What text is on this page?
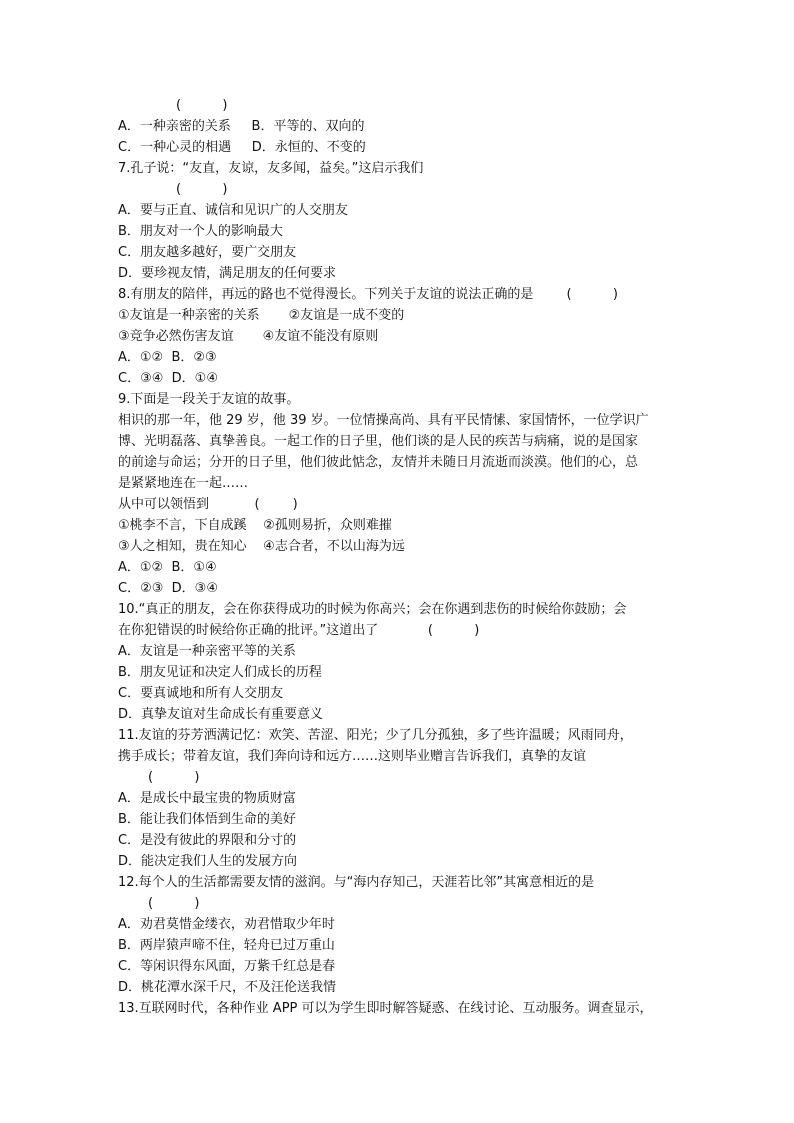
(          )
A．一种亲密的关系     B．平等的、双向的
C．一种心灵的相遇     D．永恒的、不变的
7.孔子说：“友直，友谅，友多闻，益矣。”这启示我们
(          )
A．要与正直、诚信和见识广的人交朋友
B．朋友对一个人的影响最大
C．朋友越多越好，要广交朋友
D．要珍视友情，满足朋友的任何要求
8.有朋友的陪伴，再远的路也不觉得漫长。下列关于友谊的说法正确的是        (          )
①友谊是一种亲密的关系       ②友谊是一成不变的
③竞争必然伤害友谊       ④友谊不能没有原则
A．①②  B．②③
C．③④  D．①④
9.下面是一段关于友谊的故事。
相识的那一年，他 29 岁，他 39 岁。一位情操高尚、具有平民情愫、家国情怀，一位学识广
博、光明磊落、真挚善良。一起工作的日子里，他们谈的是人民的疾苦与病痛，说的是国家
的前途与命运；分开的日子里，他们彼此惦念，友情并未随日月流逝而淡漠。他们的心，总
是紧紧地连在一起……
从中可以领悟到           (        )
①桃李不言，下自成蹊    ②孤则易折，众则难摧
③人之相知，贵在知心    ④志合者，不以山海为远
A．①②  B．①④
C．②③  D．③④
10.“真正的朋友，会在你获得成功的时候为你高兴；会在你遇到悲伤的时候给你鼓励；会
在你犯错误的时候给你正确的批评。”这道出了            (          )
A．友谊是一种亲密平等的关系
B．朋友见证和决定人们成长的历程
C．要真诚地和所有人交朋友
D．真挚友谊对生命成长有重要意义
11.友谊的芬芳洒满记忆：欢笑、苦涩、阳光；少了几分孤独，多了些许温暖；风雨同舟，
携手成长；带着友谊，我们奔向诗和远方……这则毕业赠言告诉我们，真挚的友谊
(          )
A．是成长中最宝贵的物质财富
B．能让我们体悟到生命的美好
C．是没有彼此的界限和分寸的
D．能决定我们人生的发展方向
12.每个人的生活都需要友情的滋润。与“海内存知己，天涯若比邻”其寓意相近的是
(          )
A．劝君莫惜金缕衣，劝君惜取少年时
B．两岸猿声啼不住，轻舟已过万重山
C．等闲识得东风面，万紫千红总是春
D．桃花潭水深千尺，不及汪伦送我情
13.互联网时代，各种作业 APP 可以为学生即时解答疑惑、在线讨论、互动服务。调查显示，
